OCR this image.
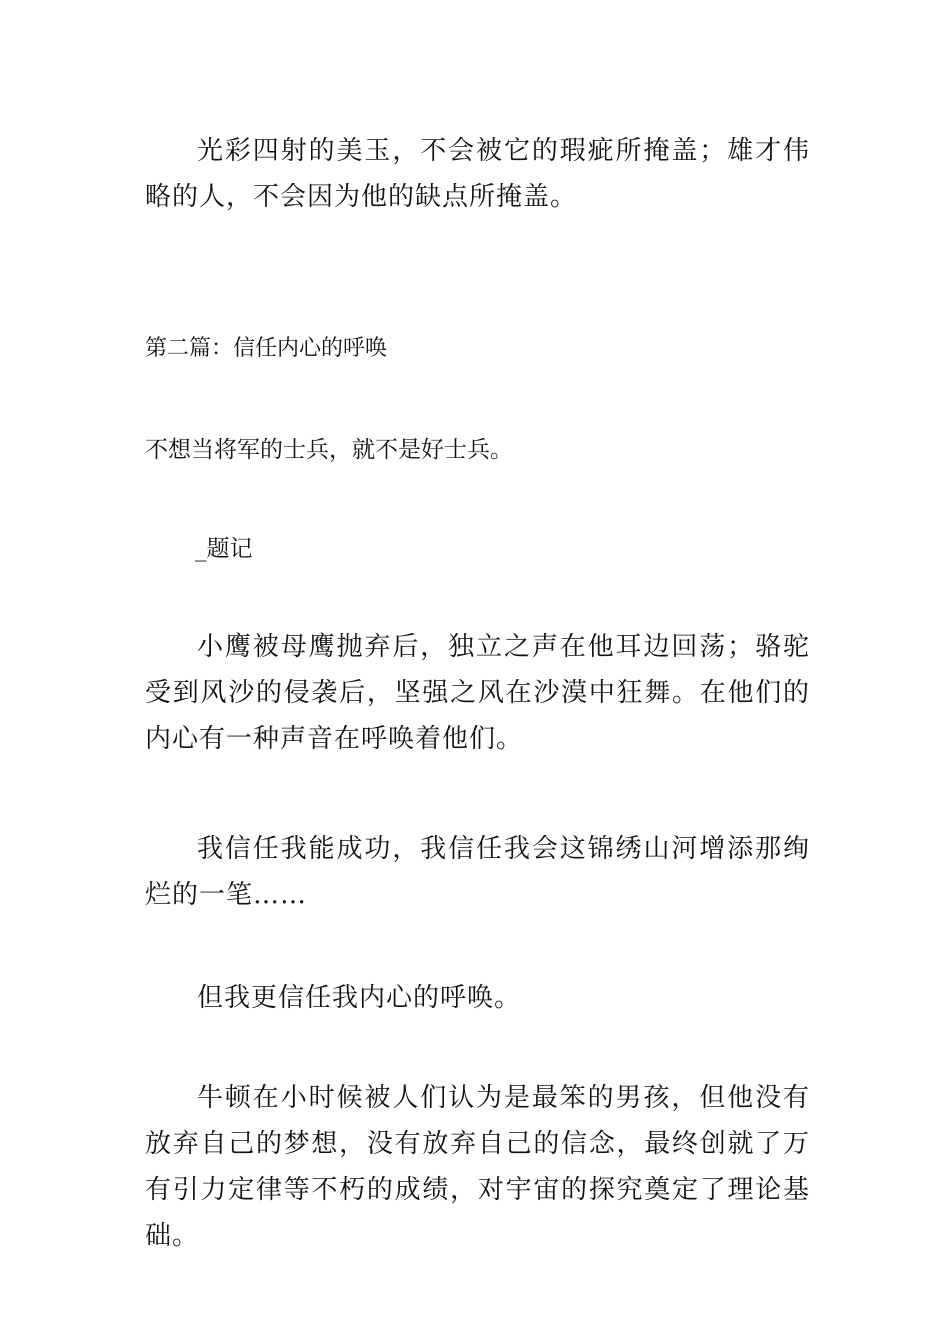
光彩四射的美玉，不会被它的瑕疵所掩盖；雄才伟略的人，不会因为他的缺点所掩盖。

第二篇：信任内心的呼唤

不想当将军的士兵，就不是好士兵。

_题记

小鹰被母鹰抛弃后，独立之声在他耳边回荡；骆驼受到风沙的侵袭后，坚强之风在沙漠中狂舞。在他们的内心有一种声音在呼唤着他们。

我信任我能成功，我信任我会这锦绣山河增添那绚烂的一笔……

但我更信任我内心的呼唤。

牛顿在小时候被人们认为是最笨的男孩，但他没有放弃自己的梦想，没有放弃自己的信念，最终创就了万有引力定律等不朽的成绩，对宇宙的探究奠定了理论基础。
